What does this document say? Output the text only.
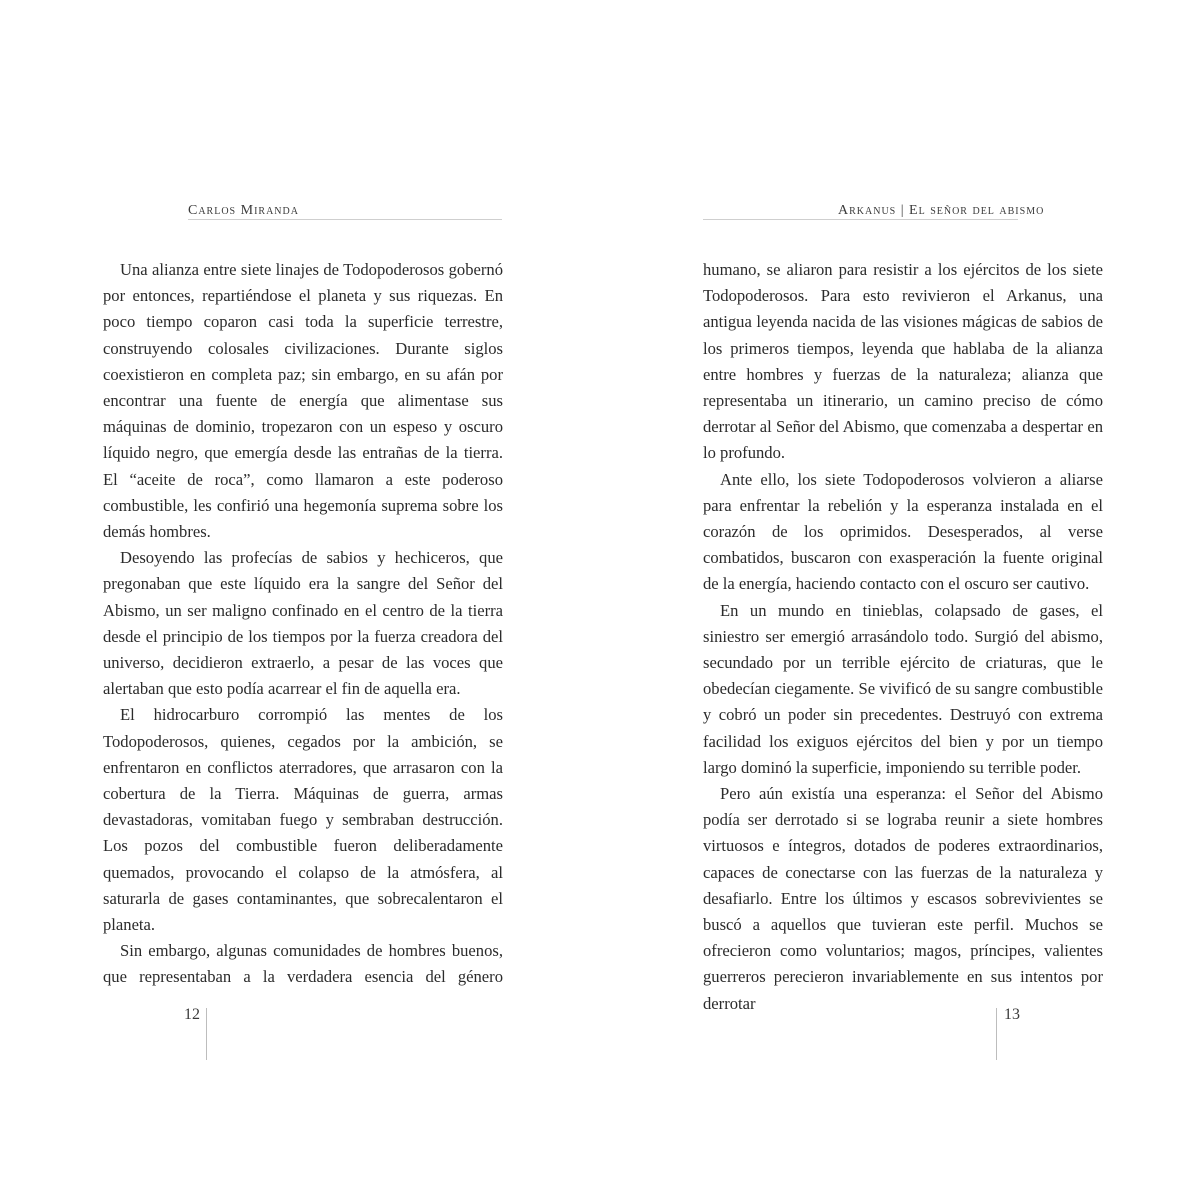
Carlos Miranda

Una alianza entre siete linajes de Todopoderosos gobernó por entonces, repartiéndose el planeta y sus riquezas. En poco tiempo coparon casi toda la superficie terrestre, construyendo colosales civilizaciones. Durante siglos coexistieron en completa paz; sin embargo, en su afán por encontrar una fuente de energía que alimentase sus máquinas de dominio, tropezaron con un espeso y oscuro líquido negro, que emergía desde las entrañas de la tierra. El “aceite de roca”, como llamaron a este poderoso combustible, les confirió una hegemonía suprema sobre los demás hombres.

Desoyendo las profecías de sabios y hechiceros, que pregonaban que este líquido era la sangre del Señor del Abismo, un ser maligno confinado en el centro de la tierra desde el principio de los tiempos por la fuerza creadora del universo, decidieron extraerlo, a pesar de las voces que alertaban que esto podía acarrear el fin de aquella era.

El hidrocarburo corrompió las mentes de los Todopoderosos, quienes, cegados por la ambición, se enfrentaron en conflictos aterradores, que arrasaron con la cobertura de la Tierra. Máquinas de guerra, armas devastadoras, vomitaban fuego y sembraban destrucción. Los pozos del combustible fueron deliberadamente quemados, provocando el colapso de la atmósfera, al saturarla de gases contaminantes, que sobrecalentaron el planeta.

Sin embargo, algunas comunidades de hombres buenos, que representaban a la verdadera esencia del género

12
Arkanus | El señor del abismo

humano, se aliaron para resistir a los ejércitos de los siete Todopoderosos. Para esto revivieron el Arkanus, una antigua leyenda nacida de las visiones mágicas de sabios de los primeros tiempos, leyenda que hablaba de la alianza entre hombres y fuerzas de la naturaleza; alianza que representaba un itinerario, un camino preciso de cómo derrotar al Señor del Abismo, que comenzaba a despertar en lo profundo.

Ante ello, los siete Todopoderosos volvieron a aliarse para enfrentar la rebelión y la esperanza instalada en el corazón de los oprimidos. Desesperados, al verse combatidos, buscaron con exasperación la fuente original de la energía, haciendo contacto con el oscuro ser cautivo.

En un mundo en tinieblas, colapsado de gases, el siniestro ser emergió arrasándolo todo. Surgió del abismo, secundado por un terrible ejército de criaturas, que le obedecían ciegamente. Se vivificó de su sangre combustible y cobró un poder sin precedentes. Destruyó con extrema facilidad los exiguos ejércitos del bien y por un tiempo largo dominó la superficie, imponiendo su terrible poder.

Pero aún existía una esperanza: el Señor del Abismo podía ser derrotado si se lograba reunir a siete hombres virtuosos e íntegros, dotados de poderes extraordinarios, capaces de conectarse con las fuerzas de la naturaleza y desafiarlo. Entre los últimos y escasos sobrevivientes se buscó a aquellos que tuvieran este perfil. Muchos se ofrecieron como voluntarios; magos, príncipes, valientes guerreros perecieron invariablemente en sus intentos por derrotar

13
